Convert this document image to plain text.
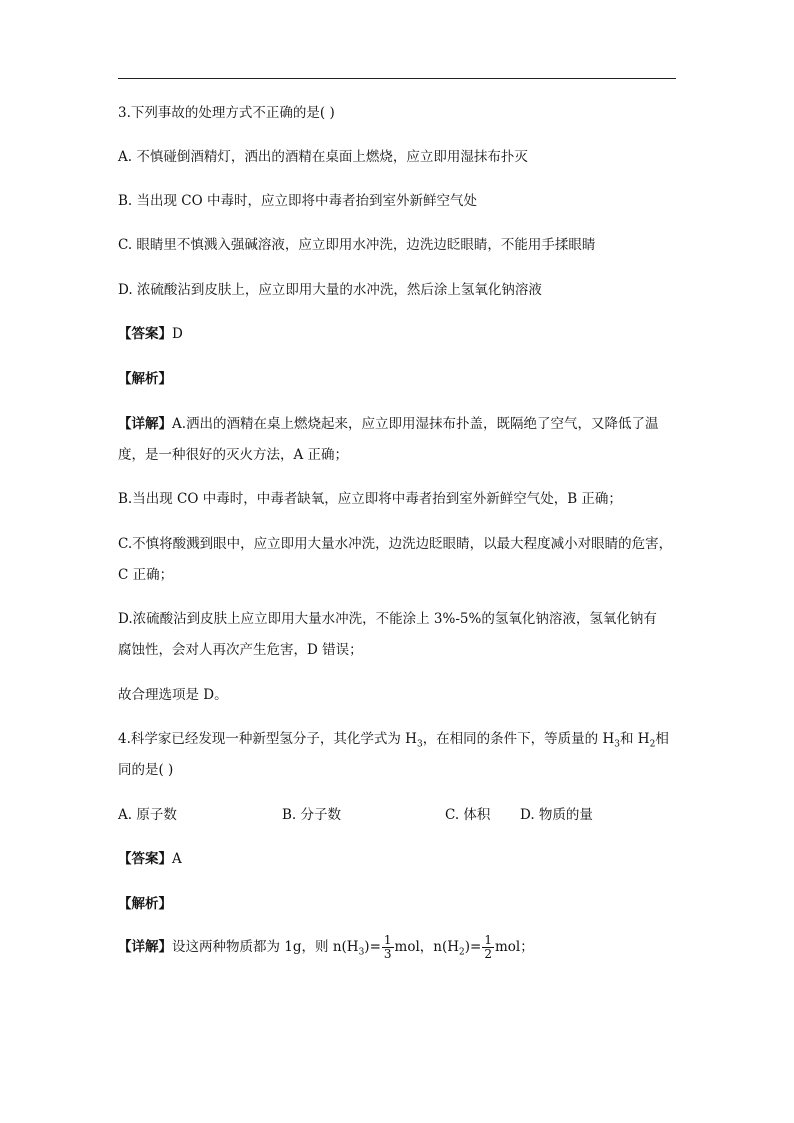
3.下列事故的处理方式不正确的是( )
A. 不慎碰倒酒精灯，洒出的酒精在桌面上燃烧，应立即用湿抹布扑灭
B. 当出现 CO 中毒时，应立即将中毒者抬到室外新鲜空气处
C. 眼睛里不慎溅入强碱溶液，应立即用水冲洗，边洗边眨眼睛，不能用手揉眼睛
D. 浓硫酸沾到皮肤上，应立即用大量的水冲洗，然后涂上氢氧化钠溶液
【答案】D
【解析】
【详解】A.洒出的酒精在桌上燃烧起来，应立即用湿抹布扑盖，既隔绝了空气，又降低了温
度，是一种很好的灭火方法，A 正确；
B.当出现 CO 中毒时，中毒者缺氧，应立即将中毒者抬到室外新鲜空气处，B 正确；
C.不慎将酸溅到眼中，应立即用大量水冲洗，边洗边眨眼睛，以最大程度减小对眼睛的危害，
C 正确；
D.浓硫酸沾到皮肤上应立即用大量水冲洗，不能涂上 3%-5%的氢氧化钠溶液，氢氧化钠有
腐蚀性，会对人再次产生危害，D 错误；
故合理选项是 D。
4.科学家已经发现一种新型氢分子，其化学式为 $H_3$，在相同的条件下，等质量的 $H_3$和 $H_2$相
同的是( )
A. 原子数	B. 分子数	C. 体积 D. 物质的量
【答案】A
【解析】
【详解】设这两种物质都为 1g，则 $n(H_3)= \frac{1}{3}$ mol，$n(H_2)= \frac{1}{2}$ mol；
